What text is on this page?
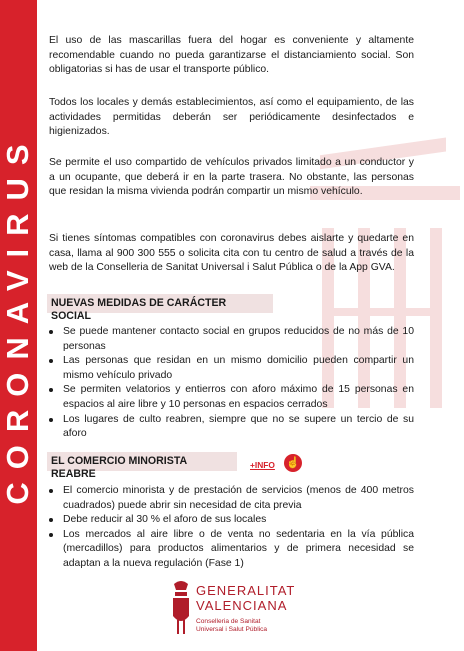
CORONAVIRUS

El uso de las mascarillas fuera del hogar es conveniente y altamente recomendable cuando no pueda garantizarse el distanciamiento social. Son obligatorias si has de usar el transporte público.

Todos los locales y demás establecimientos, así como el equipamiento, de las actividades permitidas deberán ser periódicamente desinfectados e higienizados.

Se permite el uso compartido de vehículos privados limitado a un conductor y a un ocupante, que deberá ir en la parte trasera. No obstante, las personas que residan la misma vivienda podrán compartir un mismo vehículo.

Si tienes síntomas compatibles con coronavirus debes aislarte y quedarte en casa, llama al 900 300 555 o solicita cita con tu centro de salud a través de la web de la Conselleria de Sanitat Universal i Salut Pública o de la App GVA.

NUEVAS MEDIDAS DE CARÁCTER SOCIAL
Se puede mantener contacto social en grupos reducidos de no más de 10 personas
Las personas que residan en un mismo domicilio pueden compartir un mismo vehículo privado
Se permiten velatorios y entierros con aforo máximo de 15 personas en espacios al aire libre y 10 personas en espacios cerrados
Los lugares de culto reabren, siempre que no se supere un tercio de su aforo
EL COMERCIO MINORISTA REABRE
+INFO ☝
El comercio minorista y de prestación de servicios (menos de 400 metros cuadrados) puede abrir sin necesidad de cita previa
Debe reducir al 30 % el aforo de sus locales
Los mercados al aire libre o de venta no sedentaria en la vía pública (mercadillos) para productos alimentarios y de primera necesidad se adaptan a la nueva regulación (Fase 1)
GENERALITAT
VALENCIANA
Conselleria de Sanitat
Universal i Salut Pública
